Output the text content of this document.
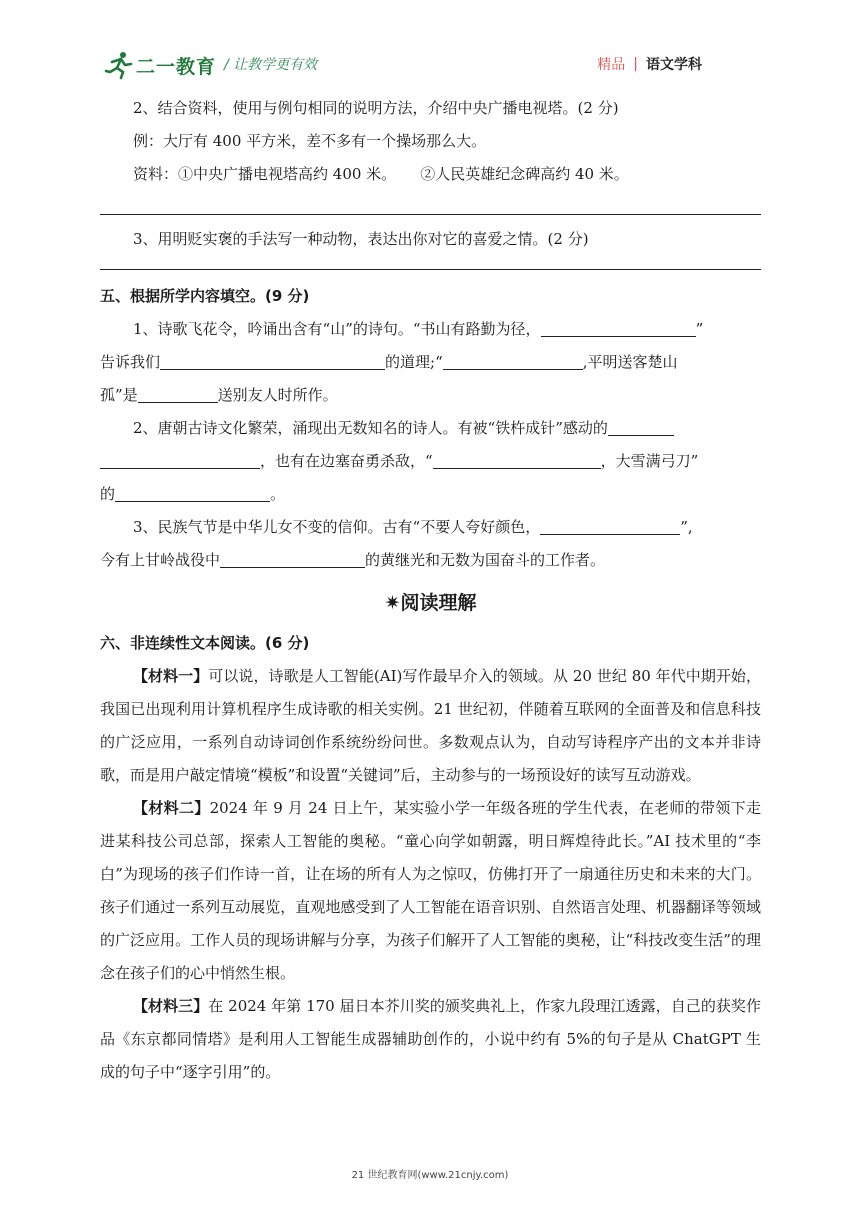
二一教育 / 让教学更有效	精品 | 语文学科

2、结合资料，使用与例句相同的说明方法，介绍中央广播电视塔。(2 分)

例：大厅有 400 平方米，差不多有一个操场那么大。

资料：①中央广播电视塔高约 400 米。 ②人民英雄纪念碑高约 40 米。

3、用明贬实褒的手法写一种动物，表达出你对它的喜爱之情。(2 分)

五、根据所学内容填空。(9 分)

1、诗歌飞花令，吟诵出含有“山”的诗句。“书山有路勤为径，	”

告诉我们	的道理;“	,平明送客楚山

孤”是	送别友人时所作。

2、唐朝古诗文化繁荣，涌现出无数知名的诗人。有被“铁杵成针”感动的

，也有在边塞奋勇杀敌，“	，大雪满弓刀”

的	。

3、民族气节是中华儿女不变的信仰。古有“不要人夸好颜色，	”,

今有上甘岭战役中	的黄继光和无数为国奋斗的工作者。

✷阅读理解

六、非连续性文本阅读。(6 分)

【材料一】可以说，诗歌是人工智能(AI)写作最早介入的领域。从 20 世纪 80 年代中期开始，我国已出现利用计算机程序生成诗歌的相关实例。21 世纪初，伴随着互联网的全面普及和信息科技的广泛应用，一系列自动诗词创作系统纷纷问世。多数观点认为，自动写诗程序产出的文本并非诗歌，而是用户敲定情境“模板”和设置“关键词”后，主动参与的一场预设好的读写互动游戏。

【材料二】2024 年 9 月 24 日上午，某实验小学一年级各班的学生代表，在老师的带领下走进某科技公司总部，探索人工智能的奥秘。“童心向学如朝露，明日辉煌待此长。”AI 技术里的“李白”为现场的孩子们作诗一首，让在场的所有人为之惊叹，仿佛打开了一扇通往历史和未来的大门。孩子们通过一系列互动展览，直观地感受到了人工智能在语音识别、自然语言处理、机器翻译等领域的广泛应用。工作人员的现场讲解与分享，为孩子们解开了人工智能的奥秘，让“科技改变生活”的理念在孩子们的心中悄然生根。

【材料三】在 2024 年第 170 届日本芥川奖的颁奖典礼上，作家九段理江透露，自己的获奖作品《东京都同情塔》是利用人工智能生成器辅助创作的，小说中约有 5%的句子是从 ChatGPT 生成的句子中“逐字引用”的。

21 世纪教育网(www.21cnjy.com)
